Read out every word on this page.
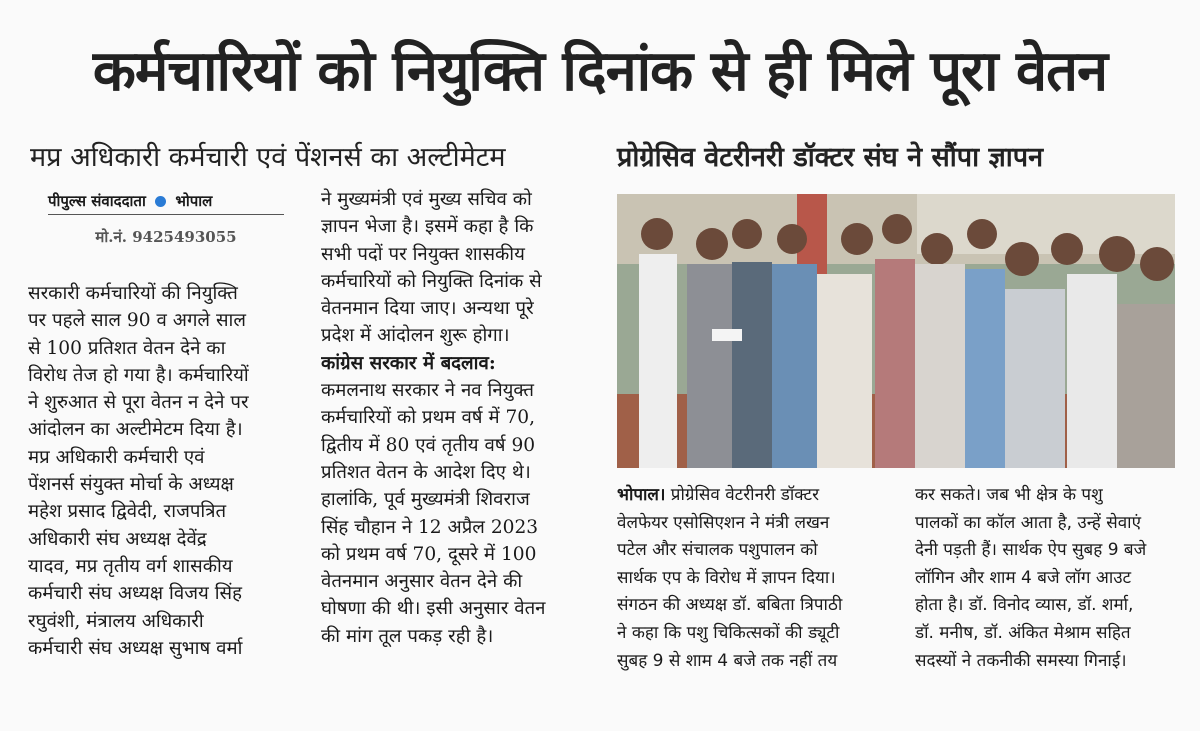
कर्मचारियों को नियुक्ति दिनांक से ही मिले पूरा वेतन
मप्र अधिकारी कर्मचारी एवं पेंशनर्स का अल्टीमेटम	प्रोग्रेसिव वेटरीनरी डॉक्टर संघ ने सौंपा ज्ञापन
पीपुल्स संवाददाता भोपाल
मो.नं. 9425493055

सरकारी कर्मचारियों की नियुक्ति

पर पहले साल 90 व अगले साल

से 100 प्रतिशत वेतन देने का

विरोध तेज हो गया है। कर्मचारियों

ने शुरुआत से पूरा वेतन न देने पर

आंदोलन का अल्टीमेटम दिया है।

मप्र अधिकारी कर्मचारी एवं

पेंशनर्स संयुक्त मोर्चा के अध्यक्ष

महेश प्रसाद द्विवेदी, राजपत्रित

अधिकारी संघ अध्यक्ष देवेंद्र

यादव, मप्र तृतीय वर्ग शासकीय

कर्मचारी संघ अध्यक्ष विजय सिंह

रघुवंशी, मंत्रालय अधिकारी

कर्मचारी संघ अध्यक्ष सुभाष वर्मा

ने मुख्यमंत्री एवं मुख्य सचिव को

ज्ञापन भेजा है। इसमें कहा है कि

सभी पदों पर नियुक्त शासकीय

कर्मचारियों को नियुक्ति दिनांक से

वेतनमान दिया जाए। अन्यथा पूरे

प्रदेश में आंदोलन शुरू होगा।

कांग्रेस सरकार में बदलाव:

कमलनाथ सरकार ने नव नियुक्त

कर्मचारियों को प्रथम वर्ष में 70,

द्वितीय में 80 एवं तृतीय वर्ष 90

प्रतिशत वेतन के आदेश दिए थे।

हालांकि, पूर्व मुख्यमंत्री शिवराज

सिंह चौहान ने 12 अप्रैल 2023

को प्रथम वर्ष 70, दूसरे में 100

वेतनमान अनुसार वेतन देने की

घोषणा की थी। इसी अनुसार वेतन

की मांग तूल पकड़ रही है।

भोपाल। प्रोग्रेसिव वेटरीनरी डॉक्टर

वेलफेयर एसोसिएशन ने मंत्री लखन

पटेल और संचालक पशुपालन को

सार्थक एप के विरोध में ज्ञापन दिया।

संगठन की अध्यक्ष डॉ. बबिता त्रिपाठी

ने कहा कि पशु चिकित्सकों की ड्यूटी

सुबह 9 से शाम 4 बजे तक नहीं तय

कर सकते। जब भी क्षेत्र के पशु

पालकों का कॉल आता है, उन्हें सेवाएं

देनी पड़ती हैं। सार्थक ऐप सुबह 9 बजे

लॉगिन और शाम 4 बजे लॉग आउट

होता है। डॉ. विनोद व्यास, डॉ. शर्मा,

डॉ. मनीष, डॉ. अंकित मेश्राम सहित

सदस्यों ने तकनीकी समस्या गिनाई।
